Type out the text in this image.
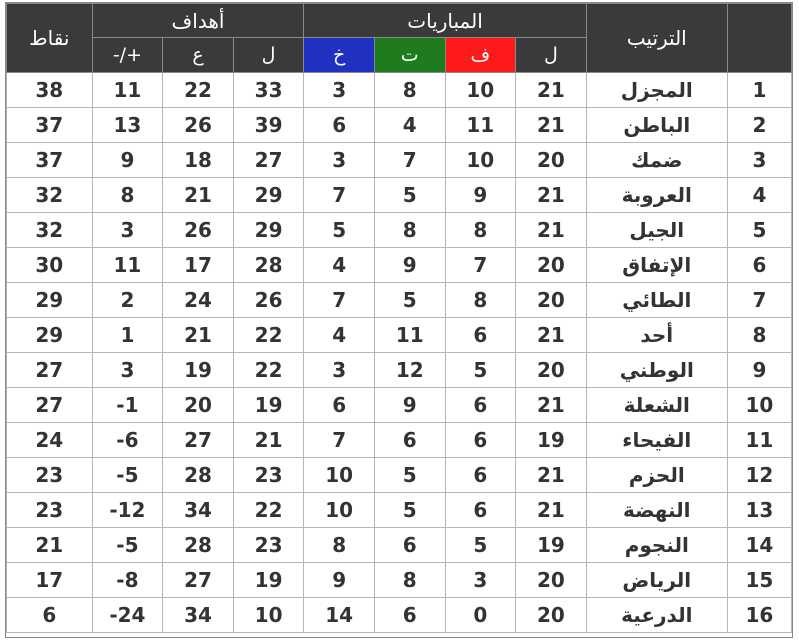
	الترتيب	المباريات				أهداف			نقاط
		ل	ف	ت	خ	ل	ع	+/-	
1	المجزل	21	10	8	3	33	22	11	38
2	الباطن	21	11	4	6	39	26	13	37
3	ضمك	20	10	7	3	27	18	9	37
4	العروبة	21	9	5	7	29	21	8	32
5	الجيل	21	8	8	5	29	26	3	32
6	الإتفاق	20	7	9	4	28	17	11	30
7	الطائي	20	8	5	7	26	24	2	29
8	أحد	21	6	11	4	22	21	1	29
9	الوطني	20	5	12	3	22	19	3	27
10	الشعلة	21	6	9	6	19	20	1-	27
11	الفيحاء	19	6	6	7	21	27	6-	24
12	الحزم	21	6	5	10	23	28	5-	23
13	النهضة	21	6	5	10	22	34	12-	23
14	النجوم	19	5	6	8	23	28	5-	21
15	الرياض	20	3	8	9	19	27	8-	17
16	الدرعية	20	0	6	14	10	34	24-	6
